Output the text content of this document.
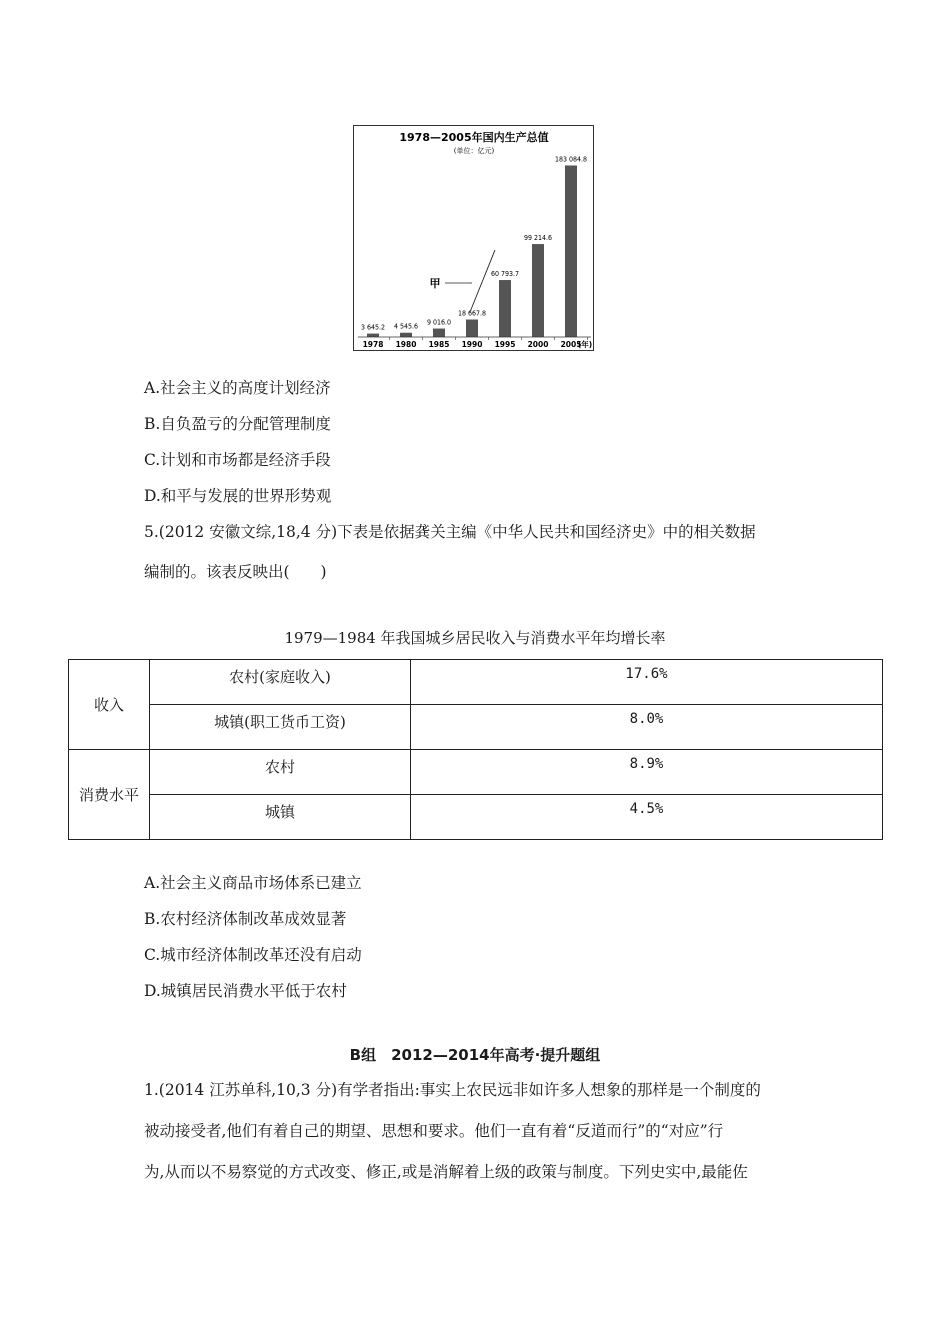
1978—2005年国内生产总值
(单位：亿元)
3 645.2 4 545.6
9 016.0
18 667.8
60 793.7
99 214.6
183 084.8
1978 1980 1985 1990 1995 2000 2005
(年)
甲
A.社会主义的高度计划经济
B.自负盈亏的分配管理制度
C.计划和市场都是经济手段
D.和平与发展的世界形势观
5.(2012 安徽文综,18,4 分)下表是依据龚关主编《中华人民共和国经济史》中的相关数据
编制的。该表反映出(　　)
1979—1984 年我国城乡居民收入与消费水平年均增长率
收入	农村(家庭收入)	17.6%
	城镇(职工货币工资)	8.0%
消费水平	农村	8.9%
	城镇	4.5%
A.社会主义商品市场体系已建立
B.农村经济体制改革成效显著
C.城市经济体制改革还没有启动
D.城镇居民消费水平低于农村
B组　2012—2014年高考·提升题组
1.(2014 江苏单科,10,3 分)有学者指出:事实上农民远非如许多人想象的那样是一个制度的
被动接受者,他们有着自己的期望、思想和要求。他们一直有着“反道而行”的“对应”行
为,从而以不易察觉的方式改变、修正,或是消解着上级的政策与制度。下列史实中,最能佐
